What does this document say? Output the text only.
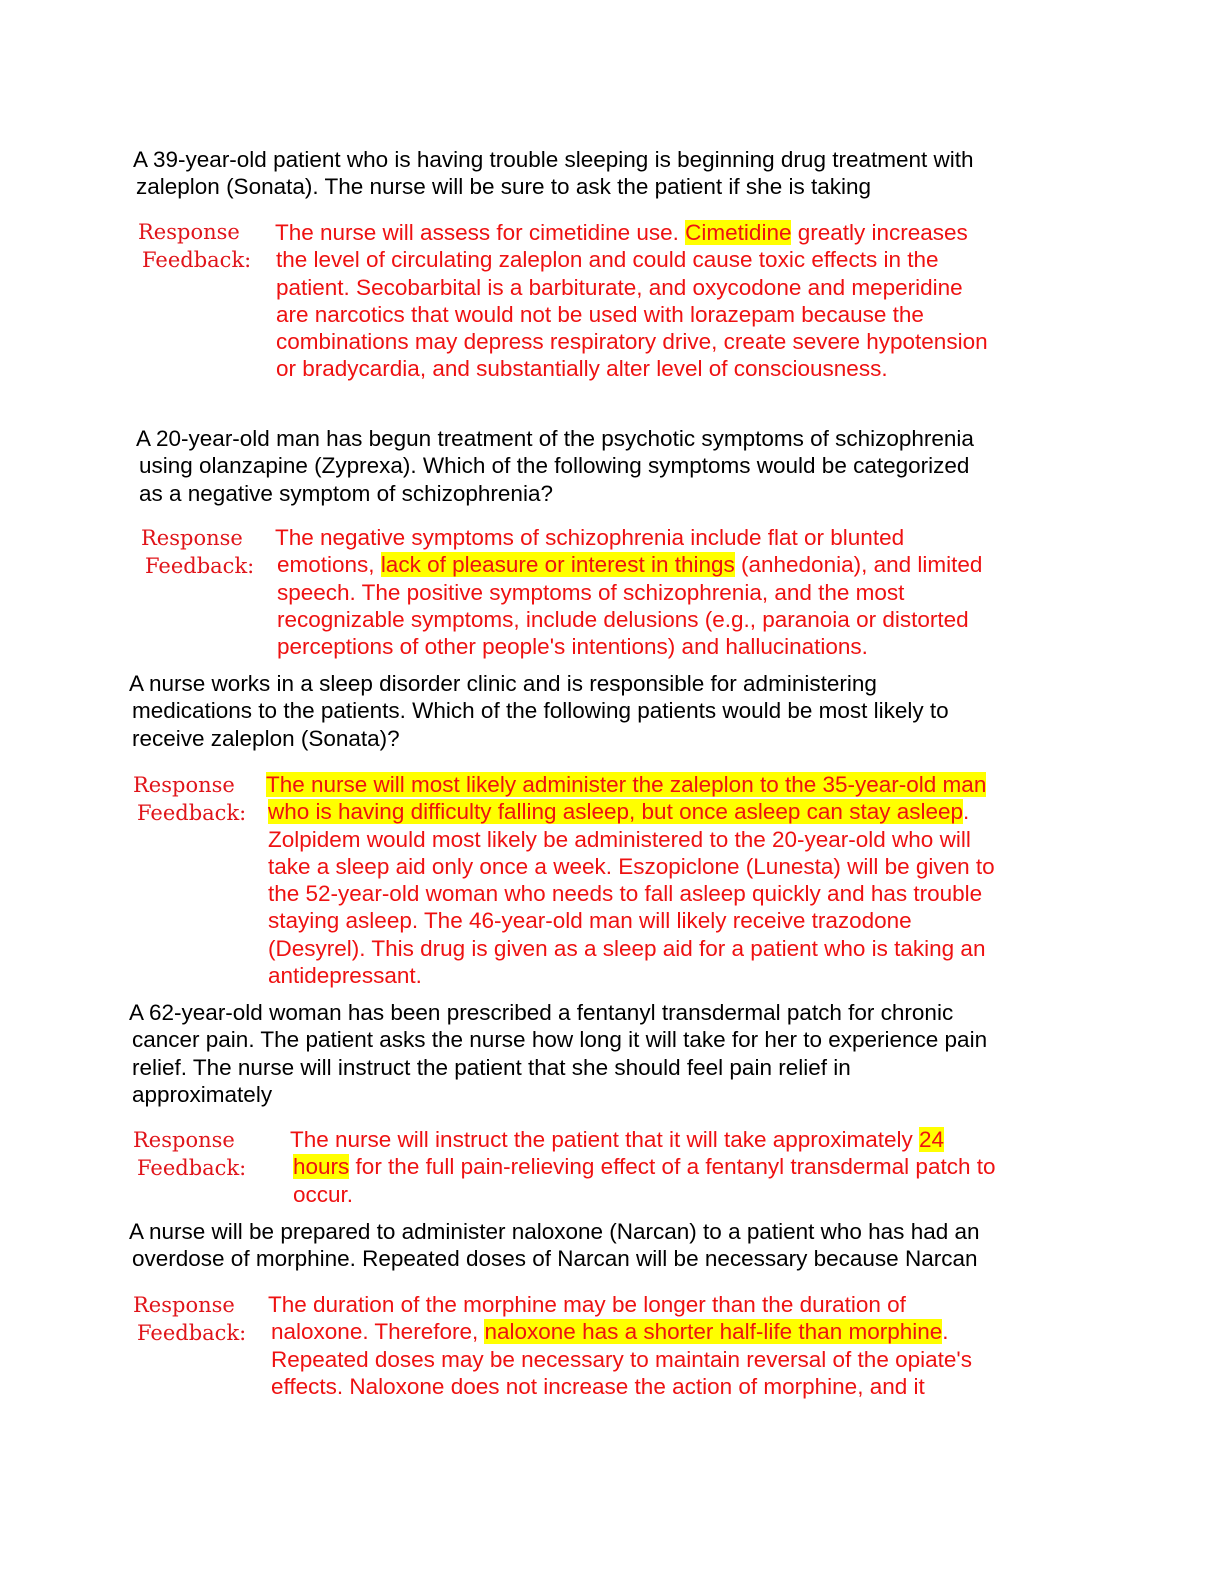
A 39-year-old patient who is having trouble sleeping is beginning drug treatment with
zaleplon (Sonata). The nurse will be sure to ask the patient if she is taking
Response
Feedback:
The nurse will assess for cimetidine use. Cimetidine greatly increases
the level of circulating zaleplon and could cause toxic effects in the
patient. Secobarbital is a barbiturate, and oxycodone and meperidine
are narcotics that would not be used with lorazepam because the
combinations may depress respiratory drive, create severe hypotension
or bradycardia, and substantially alter level of consciousness.
A 20-year-old man has begun treatment of the psychotic symptoms of schizophrenia
using olanzapine (Zyprexa). Which of the following symptoms would be categorized
as a negative symptom of schizophrenia?
Response
Feedback:
The negative symptoms of schizophrenia include flat or blunted
emotions, lack of pleasure or interest in things (anhedonia), and limited
speech. The positive symptoms of schizophrenia, and the most
recognizable symptoms, include delusions (e.g., paranoia or distorted
perceptions of other people's intentions) and hallucinations.
A nurse works in a sleep disorder clinic and is responsible for administering
medications to the patients. Which of the following patients would be most likely to
receive zaleplon (Sonata)?
Response
Feedback:
The nurse will most likely administer the zaleplon to the 35-year-old man
who is having difficulty falling asleep, but once asleep can stay asleep.
Zolpidem would most likely be administered to the 20-year-old who will
take a sleep aid only once a week. Eszopiclone (Lunesta) will be given to
the 52-year-old woman who needs to fall asleep quickly and has trouble
staying asleep. The 46-year-old man will likely receive trazodone
(Desyrel). This drug is given as a sleep aid for a patient who is taking an
antidepressant.
A 62-year-old woman has been prescribed a fentanyl transdermal patch for chronic
cancer pain. The patient asks the nurse how long it will take for her to experience pain
relief. The nurse will instruct the patient that she should feel pain relief in
approximately
Response
Feedback:
The nurse will instruct the patient that it will take approximately 24
hours for the full pain-relieving effect of a fentanyl transdermal patch to
occur.
A nurse will be prepared to administer naloxone (Narcan) to a patient who has had an
overdose of morphine. Repeated doses of Narcan will be necessary because Narcan
Response
Feedback:
The duration of the morphine may be longer than the duration of
naloxone. Therefore, naloxone has a shorter half-life than morphine.
Repeated doses may be necessary to maintain reversal of the opiate's
effects. Naloxone does not increase the action of morphine, and it
